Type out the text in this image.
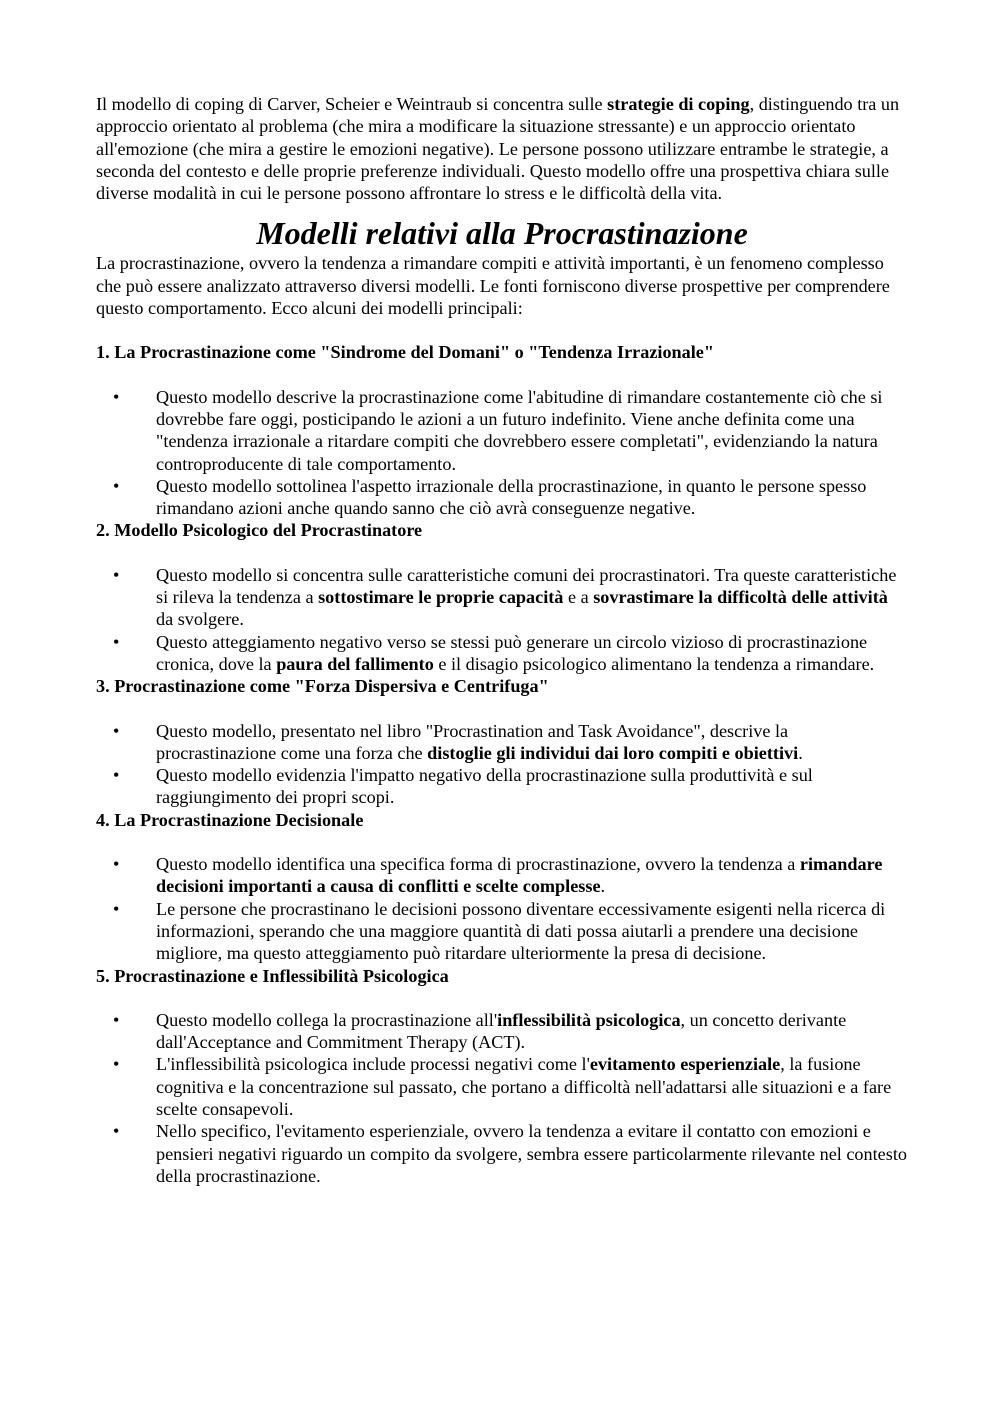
Il modello di coping di Carver, Scheier e Weintraub si concentra sulle strategie di coping, distinguendo tra un approccio orientato al problema (che mira a modificare la situazione stressante) e un approccio orientato all'emozione (che mira a gestire le emozioni negative). Le persone possono utilizzare entrambe le strategie, a seconda del contesto e delle proprie preferenze individuali. Questo modello offre una prospettiva chiara sulle diverse modalità in cui le persone possono affrontare lo stress e le difficoltà della vita.

Modelli relativi alla Procrastinazione

La procrastinazione, ovvero la tendenza a rimandare compiti e attività importanti, è un fenomeno complesso che può essere analizzato attraverso diversi modelli. Le fonti forniscono diverse prospettive per comprendere questo comportamento. Ecco alcuni dei modelli principali:

1. La Procrastinazione come "Sindrome del Domani" o "Tendenza Irrazionale"

• Questo modello descrive la procrastinazione come l'abitudine di rimandare costantemente ciò che si dovrebbe fare oggi, posticipando le azioni a un futuro indefinito. Viene anche definita come una "tendenza irrazionale a ritardare compiti che dovrebbero essere completati", evidenziando la natura controproducente di tale comportamento.
• Questo modello sottolinea l'aspetto irrazionale della procrastinazione, in quanto le persone spesso rimandano azioni anche quando sanno che ciò avrà conseguenze negative.

2. Modello Psicologico del Procrastinatore

• Questo modello si concentra sulle caratteristiche comuni dei procrastinatori. Tra queste caratteristiche si rileva la tendenza a sottostimare le proprie capacità e a sovrastimare la difficoltà delle attività da svolgere.
• Questo atteggiamento negativo verso se stessi può generare un circolo vizioso di procrastinazione cronica, dove la paura del fallimento e il disagio psicologico alimentano la tendenza a rimandare.

3. Procrastinazione come "Forza Dispersiva e Centrifuga"

• Questo modello, presentato nel libro "Procrastination and Task Avoidance", descrive la procrastinazione come una forza che distoglie gli individui dai loro compiti e obiettivi.
• Questo modello evidenzia l'impatto negativo della procrastinazione sulla produttività e sul raggiungimento dei propri scopi.

4. La Procrastinazione Decisionale

• Questo modello identifica una specifica forma di procrastinazione, ovvero la tendenza a rimandare decisioni importanti a causa di conflitti e scelte complesse.
• Le persone che procrastinano le decisioni possono diventare eccessivamente esigenti nella ricerca di informazioni, sperando che una maggiore quantità di dati possa aiutarli a prendere una decisione migliore, ma questo atteggiamento può ritardare ulteriormente la presa di decisione.

5. Procrastinazione e Inflessibilità Psicologica

• Questo modello collega la procrastinazione all'inflessibilità psicologica, un concetto derivante dall'Acceptance and Commitment Therapy (ACT).
• L'inflessibilità psicologica include processi negativi come l'evitamento esperienziale, la fusione cognitiva e la concentrazione sul passato, che portano a difficoltà nell'adattarsi alle situazioni e a fare scelte consapevoli.
• Nello specifico, l'evitamento esperienziale, ovvero la tendenza a evitare il contatto con emozioni e pensieri negativi riguardo un compito da svolgere, sembra essere particolarmente rilevante nel contesto della procrastinazione.
